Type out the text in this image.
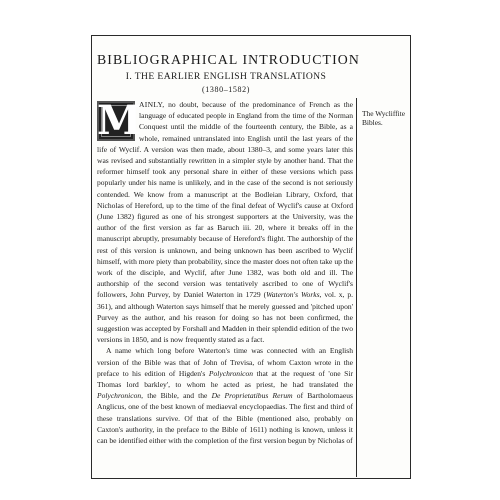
BIBLIOGRAPHICAL INTRODUCTION
I. THE EARLIER ENGLISH TRANSLATIONS
(1380–1582)
The Wycliffite Bibles.

M
AINLY, no doubt, because of the predominance of French as the language of educated people in England from the time of the Norman Conquest until the middle of the fourteenth century, the Bible, as a whole, remained untranslated into English until the last years of the life of Wyclif. A version was then made, about 1380–3, and some years later this was revised and substantially rewritten in a simpler style by another hand. That the reformer himself took any personal share in either of these versions which pass popularly under his name is unlikely, and in the case of the second is not seriously contended. We know from a manuscript at the Bodleian Library, Oxford, that Nicholas of Hereford, up to the time of the final defeat of Wyclif's cause at Oxford (June 1382) figured as one of his strongest supporters at the University, was the author of the first version as far as Baruch iii. 20, where it breaks off in the manuscript abruptly, presumably because of Hereford's flight. The authorship of the rest of this version is unknown, and being unknown has been ascribed to Wyclif himself, with more piety than probability, since the master does not often take up the work of the disciple, and Wyclif, after June 1382, was both old and ill. The authorship of the second version was tentatively ascribed to one of Wyclif's followers, John Purvey, by Daniel Waterton in 1729 (Waterton's Works, vol. x, p. 361), and although Waterton says himself that he merely guessed and 'pitched upon' Purvey as the author, and his reason for doing so has not been confirmed, the suggestion was accepted by Forshall and Madden in their splendid edition of the two versions in 1850, and is now frequently stated as a fact.

A name which long before Waterton's time was connected with an English version of the Bible was that of John of Trevisa, of whom Caxton wrote in the preface to his edition of Higden's Polychronicon that at the request of 'one Sir Thomas lord barkley', to whom he acted as priest, he had translated the Polychronicon, the Bible, and the De Proprietatibus Rerum of Bartholomaeus Anglicus, one of the best known of mediaeval encyclopaedias. The first and third of these translations survive. Of that of the Bible (mentioned also, probably on Caxton's authority, in the preface to the Bible of 1611) nothing is known, unless it can be identified either with the completion of the first version begun by Nicholas of
